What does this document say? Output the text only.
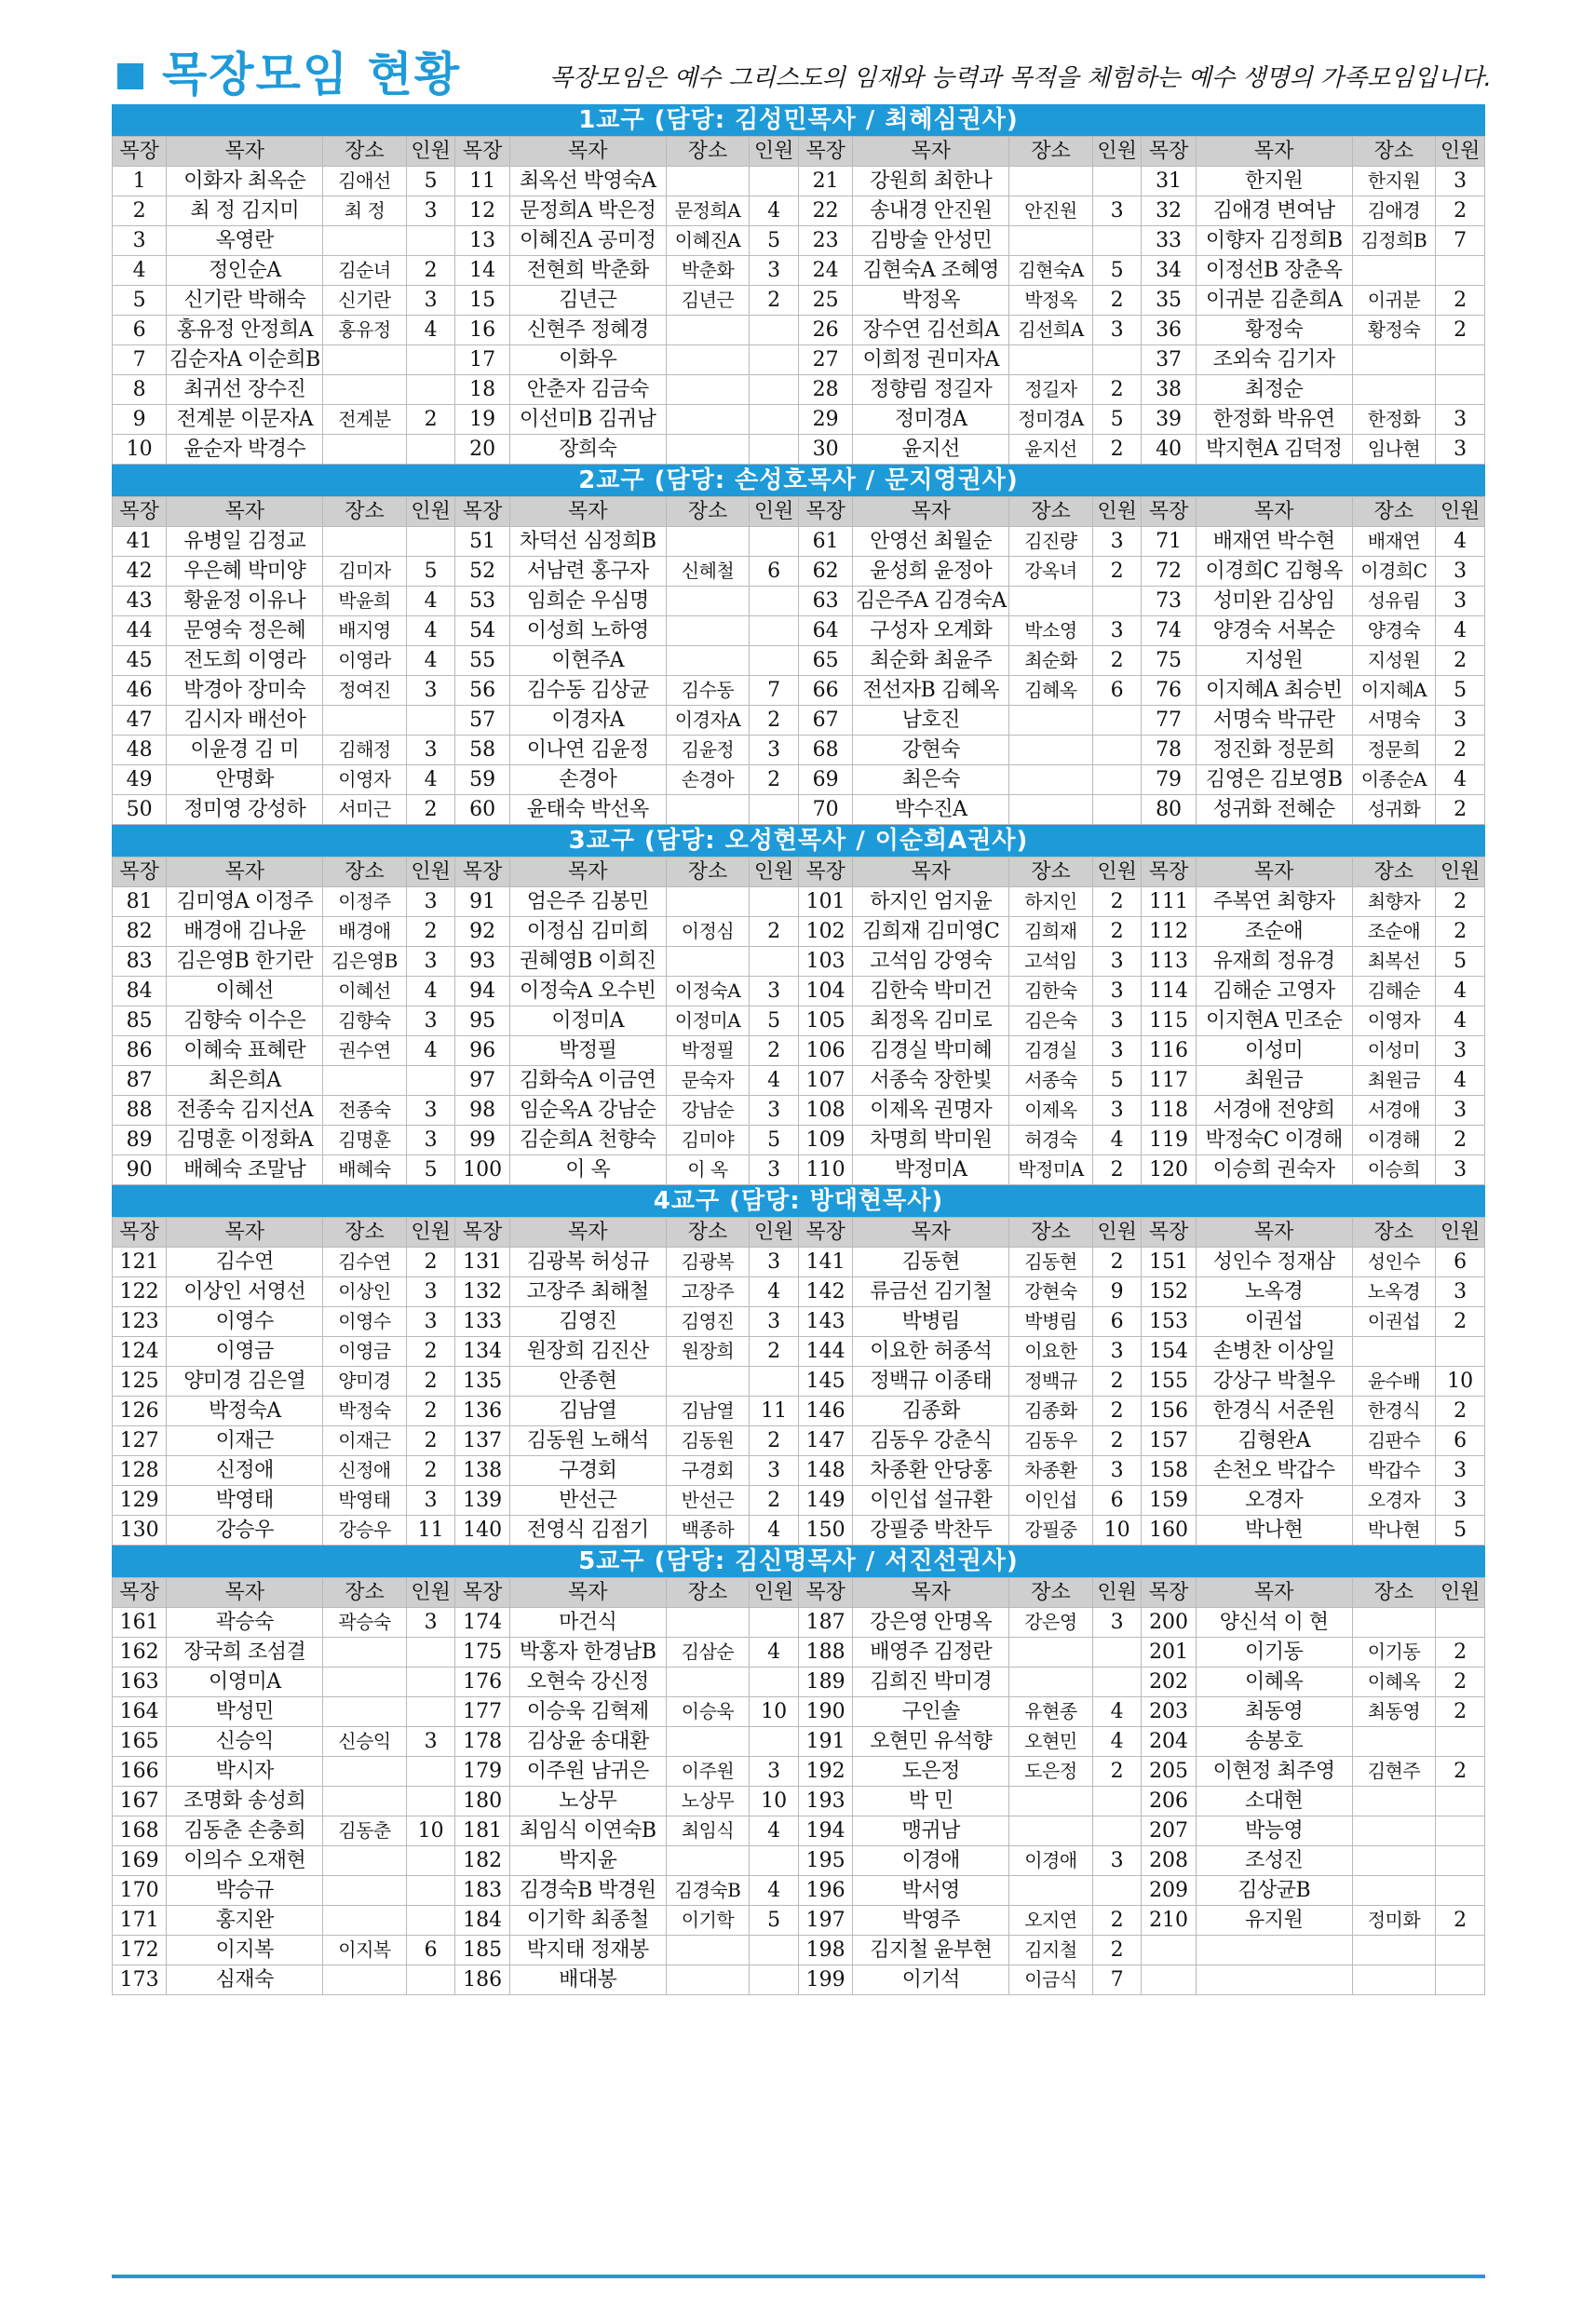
목장모임 현황	목장모임은 예수 그리스도의 임재와 능력과 목적을 체험하는 예수 생명의 가족모임입니다.
1교구 (담당: 김성민목사 / 최혜심권사)
목장	목자	장소	인원	목장	목자	장소	인원	목장	목자	장소	인원	목장	목자	장소	인원
1	이화자 최옥순	김애선	5	11	최옥선 박영숙A			21	강원희 최한나			31	한지원	한지원	3
2	최 정 김지미	최 정	3	12	문정희A 박은정	문정희A	4	22	송내경 안진원	안진원	3	32	김애경 변여남	김애경	2
3	옥영란			13	이혜진A 공미정	이혜진A	5	23	김방술 안성민			33	이향자 김정희B	김정희B	7
4	정인순A	김순녀	2	14	전현희 박춘화	박춘화	3	24	김현숙A 조혜영	김현숙A	5	34	이정선B 장춘옥		
5	신기란 박해숙	신기란	3	15	김년근	김년근	2	25	박정옥	박정옥	2	35	이귀분 김춘희A	이귀분	2
6	홍유정 안정희A	홍유정	4	16	신현주 정혜경			26	장수연 김선희A	김선희A	3	36	황정숙	황정숙	2
7	김순자A 이순희B			17	이화우			27	이희정 권미자A			37	조외숙 김기자		
8	최귀선 장수진			18	안춘자 김금숙			28	정향림 정길자	정길자	2	38	최정순		
9	전계분 이문자A	전계분	2	19	이선미B 김귀남			29	정미경A	정미경A	5	39	한정화 박유연	한정화	3
10	윤순자 박경수			20	장희숙			30	윤지선	윤지선	2	40	박지현A 김덕정	임나현	3
2교구 (담당: 손성호목사 / 문지영권사)
목장	목자	장소	인원	목장	목자	장소	인원	목장	목자	장소	인원	목장	목자	장소	인원
41	유병일 김정교			51	차덕선 심정희B			61	안영선 최월순	김진량	3	71	배재연 박수현	배재연	4
42	우은혜 박미양	김미자	5	52	서남련 홍구자	신혜철	6	62	윤성희 윤정아	강옥녀	2	72	이경희C 김형옥	이경희C	3
43	황윤정 이유나	박윤희	4	53	임희순 우심명			63	김은주A 김경숙A			73	성미완 김상임	성유림	3
44	문영숙 정은혜	배지영	4	54	이성희 노하영			64	구성자 오계화	박소영	3	74	양경숙 서복순	양경숙	4
45	전도희 이영라	이영라	4	55	이현주A			65	최순화 최윤주	최순화	2	75	지성원	지성원	2
46	박경아 장미숙	정여진	3	56	김수동 김상균	김수동	7	66	전선자B 김혜옥	김혜옥	6	76	이지혜A 최승빈	이지혜A	5
47	김시자 배선아			57	이경자A	이경자A	2	67	남호진			77	서명숙 박규란	서명숙	3
48	이윤경 김 미	김해정	3	58	이나연 김윤정	김윤정	3	68	강현숙			78	정진화 정문희	정문희	2
49	안명화	이영자	4	59	손경아	손경아	2	69	최은숙			79	김영은 김보영B	이종순A	4
50	정미영 강성하	서미근	2	60	윤태숙 박선옥			70	박수진A			80	성귀화 전혜순	성귀화	2
3교구 (담당: 오성현목사 / 이순희A권사)
목장	목자	장소	인원	목장	목자	장소	인원	목장	목자	장소	인원	목장	목자	장소	인원
81	김미영A 이정주	이정주	3	91	엄은주 김봉민			101	하지인 엄지윤	하지인	2	111	주복연 최향자	최향자	2
82	배경애 김나윤	배경애	2	92	이정심 김미희	이정심	2	102	김희재 김미영C	김희재	2	112	조순애	조순애	2
83	김은영B 한기란	김은영B	3	93	권혜영B 이희진			103	고석임 강영숙	고석임	3	113	유재희 정유경	최복선	5
84	이혜선	이혜선	4	94	이정숙A 오수빈	이정숙A	3	104	김한숙 박미건	김한숙	3	114	김해순 고영자	김해순	4
85	김향숙 이수은	김향숙	3	95	이정미A	이정미A	5	105	최정옥 김미로	김은숙	3	115	이지현A 민조순	이영자	4
86	이혜숙 표혜란	권수연	4	96	박정필	박정필	2	106	김경실 박미혜	김경실	3	116	이성미	이성미	3
87	최은희A			97	김화숙A 이금연	문숙자	4	107	서종숙 장한빛	서종숙	5	117	최원금	최원금	4
88	전종숙 김지선A	전종숙	3	98	임순옥A 강남순	강남순	3	108	이제옥 권명자	이제옥	3	118	서경애 전양희	서경애	3
89	김명훈 이정화A	김명훈	3	99	김순희A 천향숙	김미야	5	109	차명희 박미원	허경숙	4	119	박정숙C 이경해	이경해	2
90	배혜숙 조말남	배혜숙	5	100	이 옥	이 옥	3	110	박정미A	박정미A	2	120	이승희 권숙자	이승희	3
4교구 (담당: 방대현목사)
목장	목자	장소	인원	목장	목자	장소	인원	목장	목자	장소	인원	목장	목자	장소	인원
121	김수연	김수연	2	131	김광복 허성규	김광복	3	141	김동현	김동현	2	151	성인수 정재삼	성인수	6
122	이상인 서영선	이상인	3	132	고장주 최해철	고장주	4	142	류금선 김기철	강현숙	9	152	노옥경	노옥경	3
123	이영수	이영수	3	133	김영진	김영진	3	143	박병림	박병림	6	153	이권섭	이권섭	2
124	이영금	이영금	2	134	원장희 김진산	원장희	2	144	이요한 허종석	이요한	3	154	손병찬 이상일		
125	양미경 김은열	양미경	2	135	안종현			145	정백규 이종태	정백규	2	155	강상구 박철우	윤수배	10
126	박정숙A	박정숙	2	136	김남열	김남열	11	146	김종화	김종화	2	156	한경식 서준원	한경식	2
127	이재근	이재근	2	137	김동원 노해석	김동원	2	147	김동우 강춘식	김동우	2	157	김형완A	김판수	6
128	신정애	신정애	2	138	구경회	구경회	3	148	차종환 안당홍	차종환	3	158	손천오 박갑수	박갑수	3
129	박영태	박영태	3	139	반선근	반선근	2	149	이인섭 설규환	이인섭	6	159	오경자	오경자	3
130	강승우	강승우	11	140	전영식 김점기	백종하	4	150	강필중 박찬두	강필중	10	160	박나현	박나현	5
5교구 (담당: 김신명목사 / 서진선권사)
목장	목자	장소	인원	목장	목자	장소	인원	목장	목자	장소	인원	목장	목자	장소	인원
161	곽승숙	곽승숙	3	174	마건식			187	강은영 안명옥	강은영	3	200	양신석 이 현		
162	장국희 조섬결			175	박홍자 한경남B	김삼순	4	188	배영주 김정란			201	이기동	이기동	2
163	이영미A			176	오현숙 강신정			189	김희진 박미경			202	이혜옥	이혜옥	2
164	박성민			177	이승욱 김혁제	이승욱	10	190	구인솔	유현종	4	203	최동영	최동영	2
165	신승익	신승익	3	178	김상윤 송대환			191	오현민 유석향	오현민	4	204	송봉호		
166	박시자			179	이주원 남귀은	이주원	3	192	도은정	도은정	2	205	이현정 최주영	김현주	2
167	조명화 송성희			180	노상무	노상무	10	193	박 민			206	소대현		
168	김동춘 손충희	김동춘	10	181	최임식 이연숙B	최임식	4	194	맹귀남			207	박능영		
169	이의수 오재현			182	박지윤			195	이경애	이경애	3	208	조성진		
170	박승규			183	김경숙B 박경원	김경숙B	4	196	박서영			209	김상균B		
171	홍지완			184	이기학 최종철	이기학	5	197	박영주	오지연	2	210	유지원	정미화	2
172	이지복	이지복	6	185	박지태 정재봉			198	김지철 윤부현	김지철	2				
173	심재숙			186	배대봉			199	이기석	이금식	7				
